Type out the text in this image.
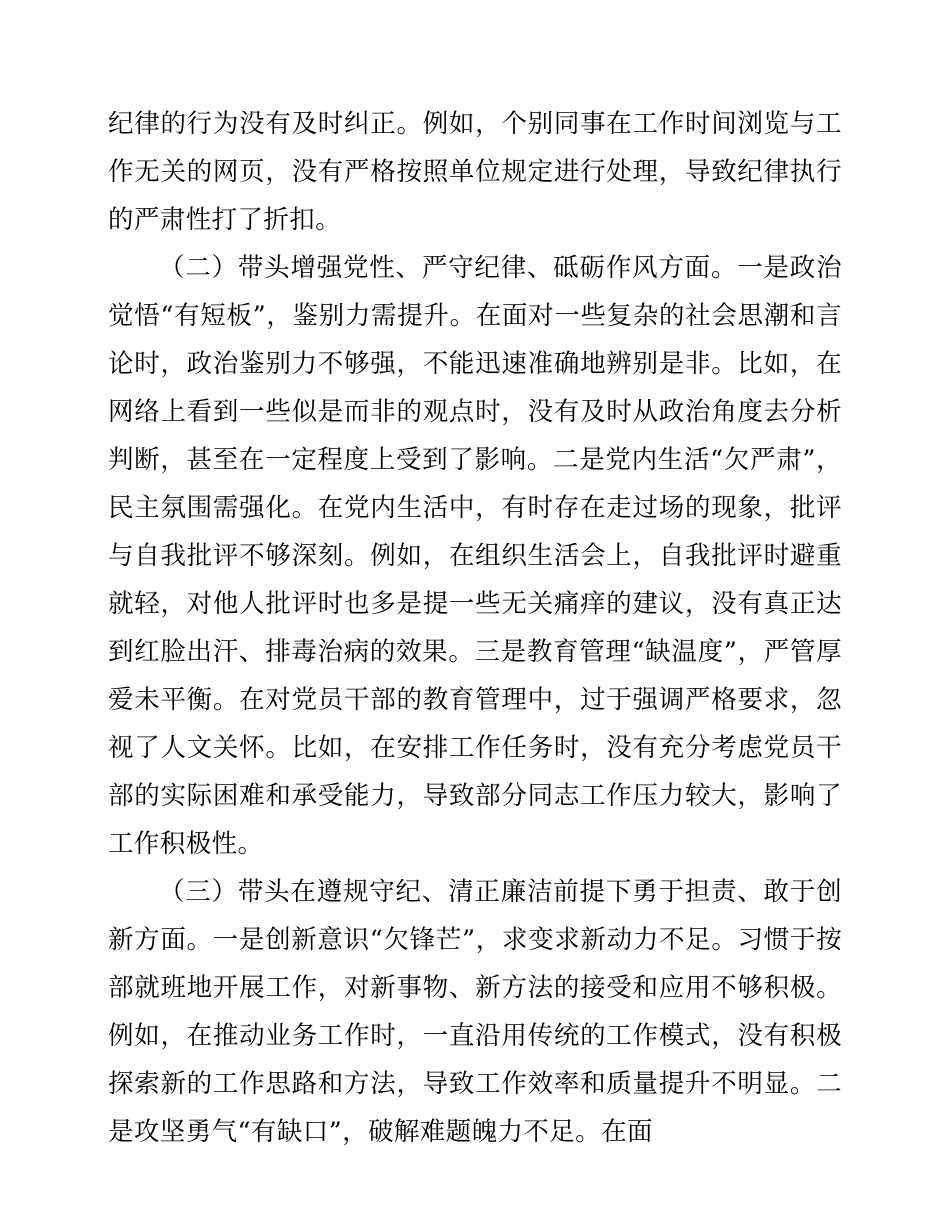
纪律的行为没有及时纠正。例如，个别同事在工作时间浏览与工作无关的网页，没有严格按照单位规定进行处理，导致纪律执行的严肃性打了折扣。

（二）带头增强党性、严守纪律、砥砺作风方面。一是政治觉悟“有短板”，鉴别力需提升。在面对一些复杂的社会思潮和言论时，政治鉴别力不够强，不能迅速准确地辨别是非。比如，在网络上看到一些似是而非的观点时，没有及时从政治角度去分析判断，甚至在一定程度上受到了影响。二是党内生活“欠严肃”，民主氛围需强化。在党内生活中，有时存在走过场的现象，批评与自我批评不够深刻。例如，在组织生活会上，自我批评时避重就轻，对他人批评时也多是提一些无关痛痒的建议，没有真正达到红脸出汗、排毒治病的效果。三是教育管理“缺温度”，严管厚爱未平衡。在对党员干部的教育管理中，过于强调严格要求，忽视了人文关怀。比如，在安排工作任务时，没有充分考虑党员干部的实际困难和承受能力，导致部分同志工作压力较大，影响了工作积极性。

（三）带头在遵规守纪、清正廉洁前提下勇于担责、敢于创新方面。一是创新意识“欠锋芒”，求变求新动力不足。习惯于按部就班地开展工作，对新事物、新方法的接受和应用不够积极。例如，在推动业务工作时，一直沿用传统的工作模式，没有积极探索新的工作思路和方法，导致工作效率和质量提升不明显。二是攻坚勇气“有缺口”，破解难题魄力不足。在面
